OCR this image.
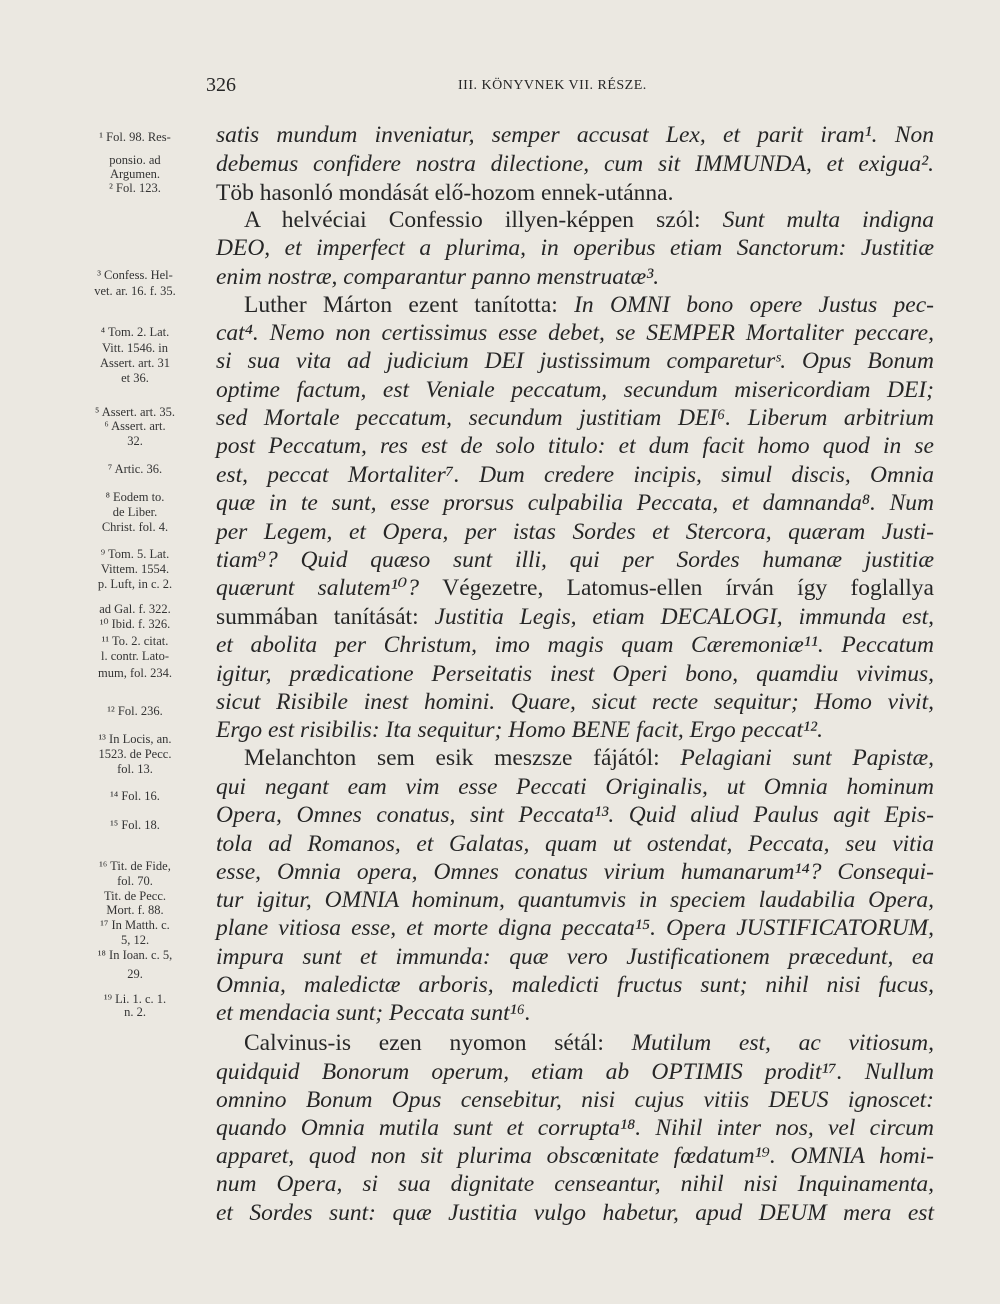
326	III. KÖNYVNEK VII. RÉSZE.
¹ Fol. 98. Res-
ponsio. ad
Argumen.
² Fol. 123.
³ Confess. Hel-
vet. ar. 16. f. 35.
⁴ Tom. 2. Lat.
Vitt. 1546. in
Assert. art. 31
et 36.
⁵ Assert. art. 35.
⁶ Assert. art.
32.
⁷ Artic. 36.
⁸ Eodem to.
de Liber.
Christ. fol. 4.
⁹ Tom. 5. Lat.
Vittem. 1554.
p. Luft, in c. 2.
ad Gal. f. 322.
¹⁰ Ibid. f. 326.
¹¹ To. 2. citat.
l. contr. Lato-
mum, fol. 234.
¹² Fol. 236.
¹³ In Locis, an.
1523. de Pecc.
fol. 13.
¹⁴ Fol. 16.
¹⁵ Fol. 18.
¹⁶ Tit. de Fide,
fol. 70.
Tit. de Pecc.
Mort. f. 88.
¹⁷ In Matth. c.
5, 12.
¹⁸ In Ioan. c. 5,
29.
¹⁹ Li. 1. c. 1.
n. 2.
satis mundum inveniatur, semper accusat Lex, et parit iram¹. Non
debemus confidere nostra dilectione, cum sit IMMUNDA, et exigua².
Töb hasonló mondását elő-hozom ennek-utánna.
A helvéciai Confessio illyen-képpen szól: Sunt multa indigna
DEO, et imperfect a plurima, in operibus etiam Sanctorum: Justitiæ
enim nostræ, comparantur panno menstruatæ³.
Luther Márton ezent tanította: In OMNI bono opere Justus pec-
cat⁴. Nemo non certissimus esse debet, se SEMPER Mortaliter peccare,
si sua vita ad judicium DEI justissimum compareturˢ. Opus Bonum
optime factum, est Veniale peccatum, secundum misericordiam DEI;
sed Mortale peccatum, secundum justitiam DEI⁶. Liberum arbitrium
post Peccatum, res est de solo titulo: et dum facit homo quod in se
est, peccat Mortaliter⁷. Dum credere incipis, simul discis, Omnia
quæ in te sunt, esse prorsus culpabilia Peccata, et damnanda⁸. Num
per Legem, et Opera, per istas Sordes et Stercora, quæram Justi-
tiam⁹? Quid quæso sunt illi, qui per Sordes humanæ justitiæ
quærunt salutem¹⁰? Végezetre, Latomus-ellen írván így foglallya
summában tanítását: Justitia Legis, etiam DECALOGI, immunda est,
et abolita per Christum, imo magis quam Cæremoniæ¹¹. Peccatum
igitur, prædicatione Perseitatis inest Operi bono, quamdiu vivimus,
sicut Risibile inest homini. Quare, sicut recte sequitur; Homo vivit,
Ergo est risibilis: Ita sequitur; Homo BENE facit, Ergo peccat¹².
Melanchton sem esik meszsze fájától: Pelagiani sunt Papistæ,
qui negant eam vim esse Peccati Originalis, ut Omnia hominum
Opera, Omnes conatus, sint Peccata¹³. Quid aliud Paulus agit Epis-
tola ad Romanos, et Galatas, quam ut ostendat, Peccata, seu vitia
esse, Omnia opera, Omnes conatus virium humanarum¹⁴? Consequi-
tur igitur, OMNIA hominum, quantumvis in speciem laudabilia Opera,
plane vitiosa esse, et morte digna peccata¹⁵. Opera JUSTIFICATORUM,
impura sunt et immunda: quæ vero Justificationem præcedunt, ea
Omnia, maledictæ arboris, maledicti fructus sunt; nihil nisi fucus,
et mendacia sunt; Peccata sunt¹⁶.
Calvinus-is ezen nyomon sétál: Mutilum est, ac vitiosum,
quidquid Bonorum operum, etiam ab OPTIMIS prodit¹⁷. Nullum
omnino Bonum Opus censebitur, nisi cujus vitiis DEUS ignoscet:
quando Omnia mutila sunt et corrupta¹⁸. Nihil inter nos, vel circum
apparet, quod non sit plurima obscœnitate fœdatum¹⁹. OMNIA homi-
num Opera, si sua dignitate censeantur, nihil nisi Inquinamenta,
et Sordes sunt: quæ Justitia vulgo habetur, apud DEUM mera est
